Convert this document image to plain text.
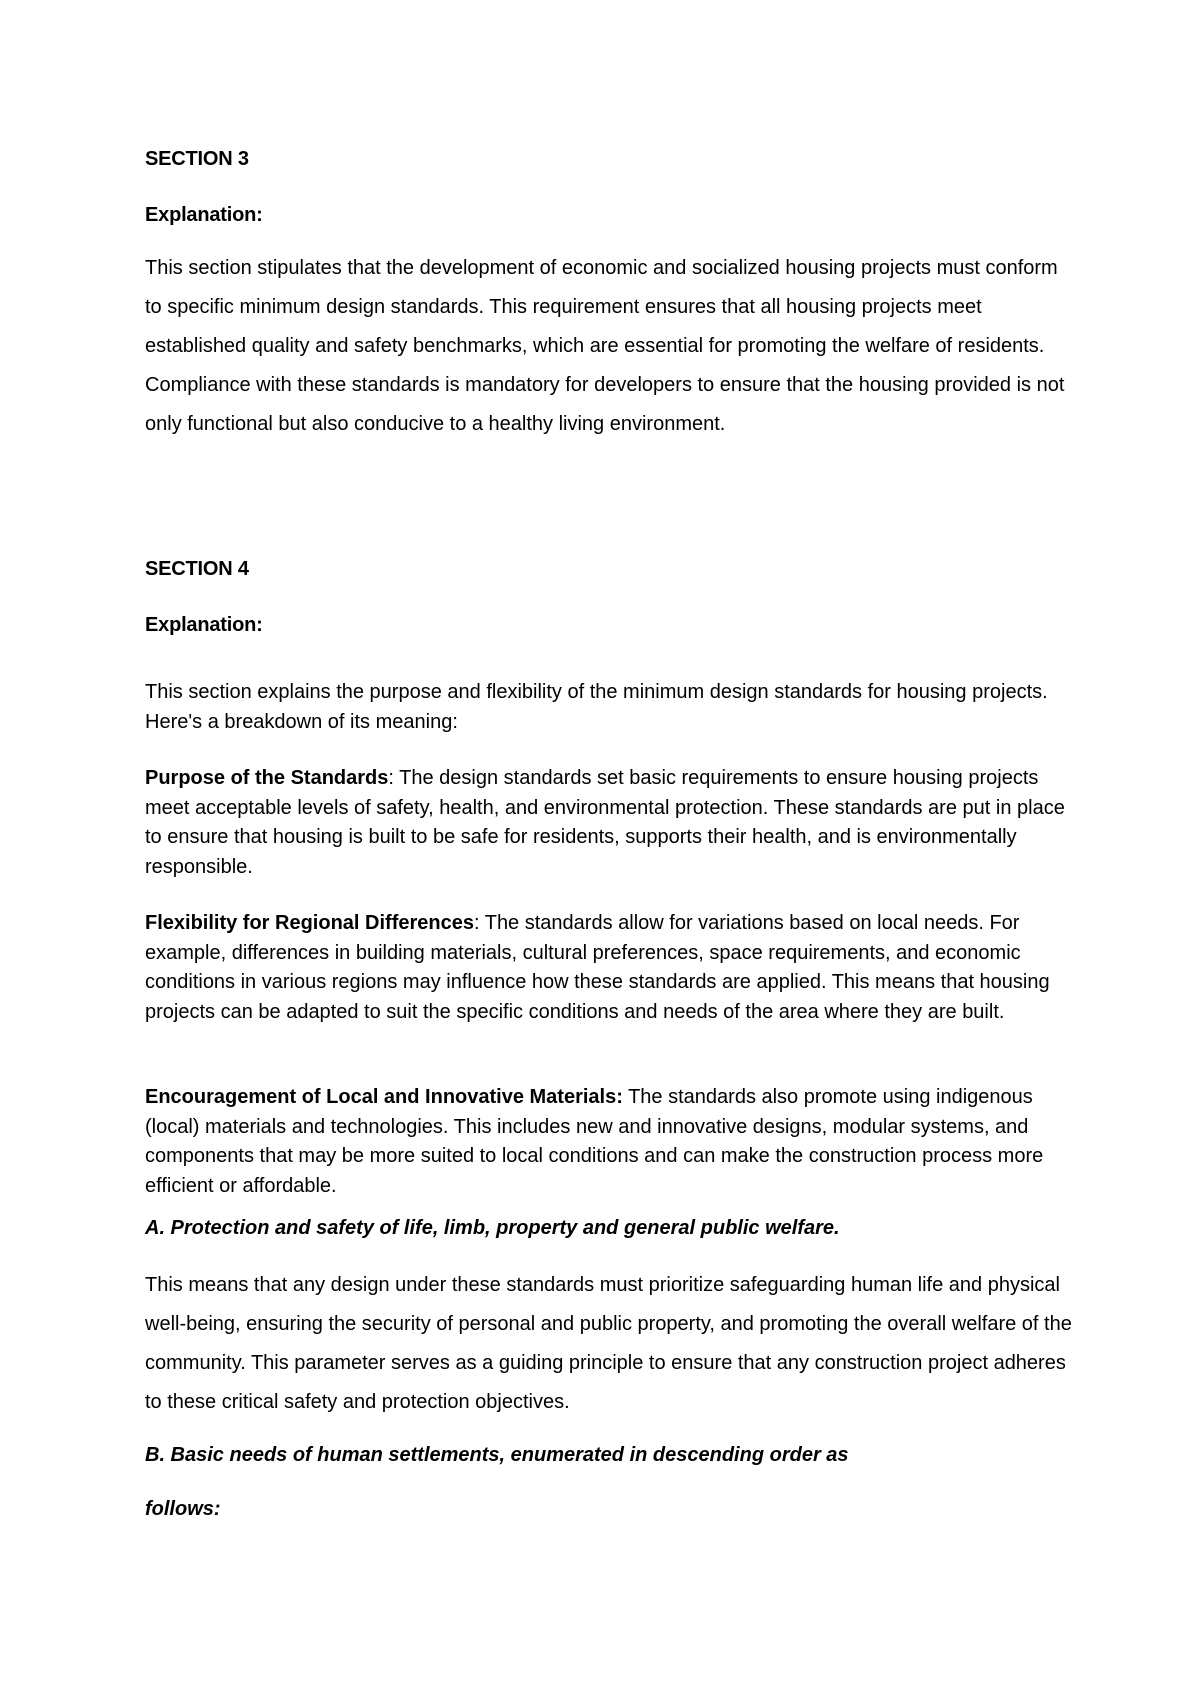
SECTION 3
Explanation:

This section stipulates that the development of economic and socialized housing projects must conform to specific minimum design standards. This requirement ensures that all housing projects meet established quality and safety benchmarks, which are essential for promoting the welfare of residents. Compliance with these standards is mandatory for developers to ensure that the housing provided is not only functional but also conducive to a healthy living environment.

SECTION 4
Explanation:

This section explains the purpose and flexibility of the minimum design standards for housing projects. Here's a breakdown of its meaning:

Purpose of the Standards: The design standards set basic requirements to ensure housing projects meet acceptable levels of safety, health, and environmental protection. These standards are put in place to ensure that housing is built to be safe for residents, supports their health, and is environmentally responsible.

Flexibility for Regional Differences: The standards allow for variations based on local needs. For example, differences in building materials, cultural preferences, space requirements, and economic conditions in various regions may influence how these standards are applied. This means that housing projects can be adapted to suit the specific conditions and needs of the area where they are built.

Encouragement of Local and Innovative Materials: The standards also promote using indigenous (local) materials and technologies. This includes new and innovative designs, modular systems, and components that may be more suited to local conditions and can make the construction process more efficient or affordable.

A. Protection and safety of life, limb, property and general public welfare.

This means that any design under these standards must prioritize safeguarding human life and physical well-being, ensuring the security of personal and public property, and promoting the overall welfare of the community. This parameter serves as a guiding principle to ensure that any construction project adheres to these critical safety and protection objectives.

B. Basic needs of human settlements, enumerated in descending order as
follows:
